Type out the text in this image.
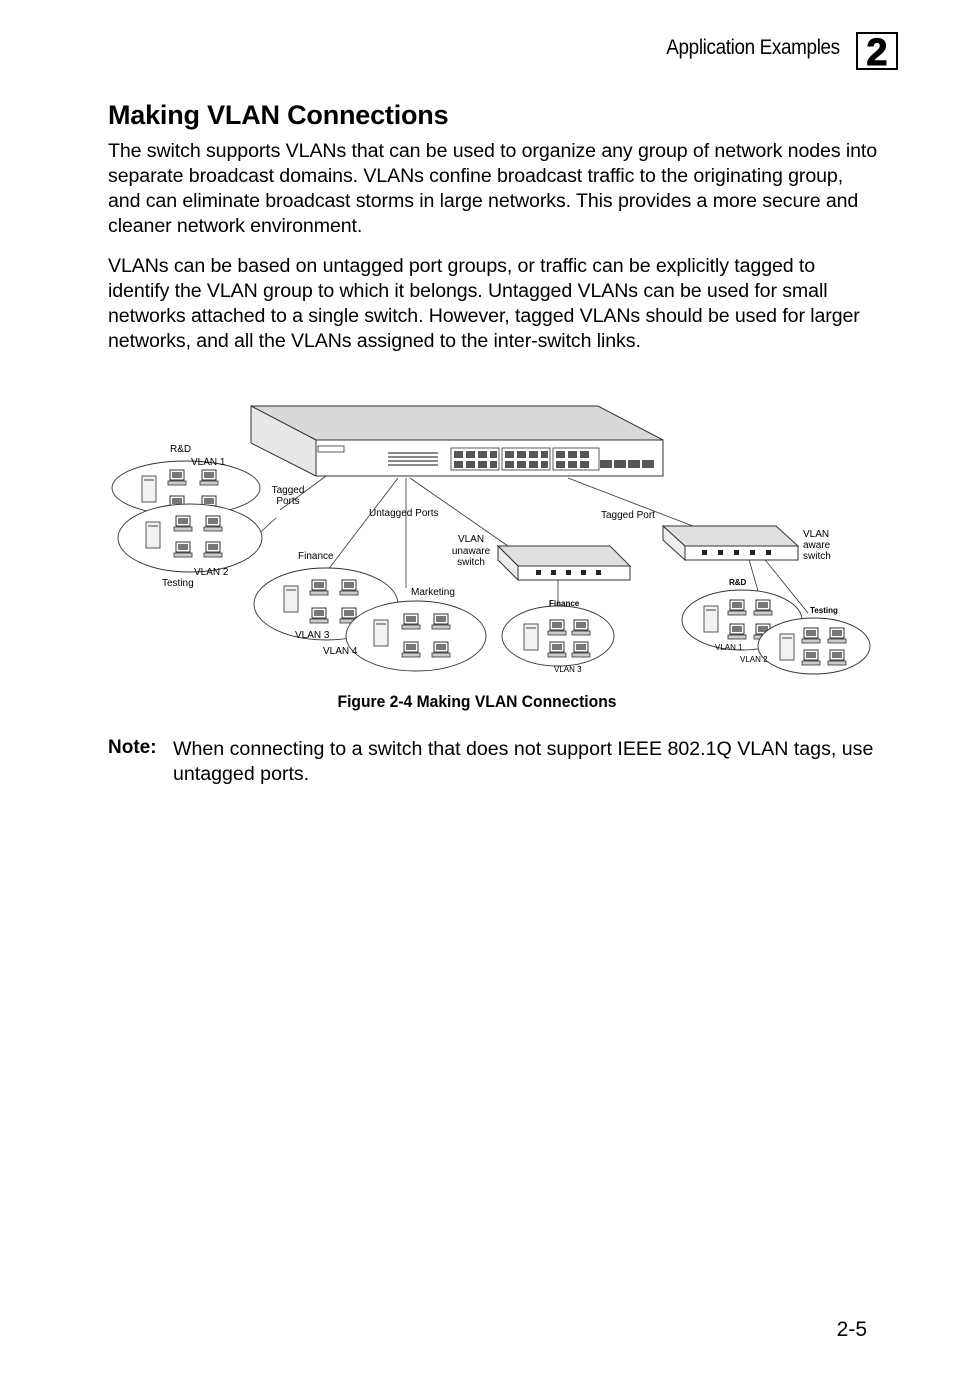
Application Examples 2
Making VLAN Connections

The switch supports VLANs that can be used to organize any group of network nodes into separate broadcast domains. VLANs confine broadcast traffic to the originating group, and can eliminate broadcast storms in large networks. This provides a more secure and cleaner network environment.

VLANs can be based on untagged port groups, or traffic can be explicitly tagged to identify the VLAN group to which it belongs. Untagged VLANs can be used for small networks attached to a single switch. However, tagged VLANs should be used for larger networks, and all the VLANs assigned to the inter-switch links.

R&D
VLAN 1
Tagged
Ports
VLAN 2
Testing
Untagged Ports
Finance
Marketing
VLAN 3
VLAN 4
VLAN
unaware
switch
Tagged Port
VLAN
aware
switch
Finance
VLAN 3
R&D
Testing
VLAN 1
VLAN 2
Figure 2-4 Making VLAN Connections
Note: When connecting to a switch that does not support IEEE 802.1Q VLAN tags, use untagged ports.

2-5
